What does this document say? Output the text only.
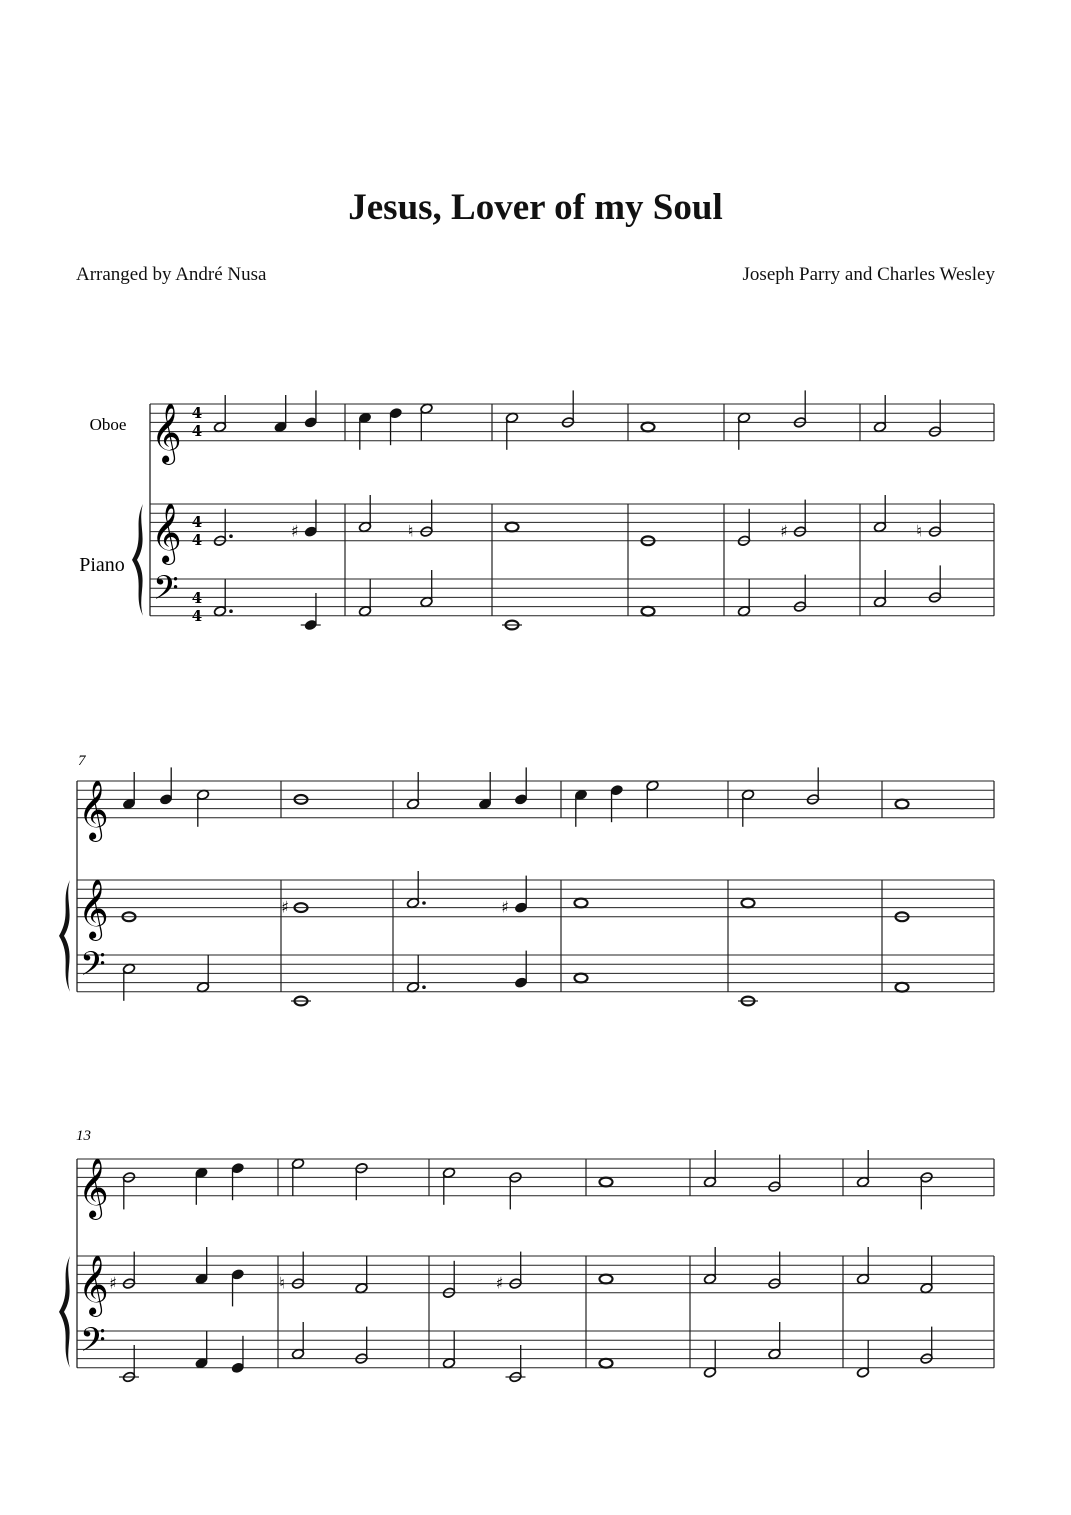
Jesus, Lover of my Soul
Arranged by André Nusa	Joseph Parry and Charles Wesley
Oboe
Piano
7
13
4
4
4
4
4
4
𝄞
𝄞
𝄢
♯	♮	♯	♮
𝄞
𝄞
𝄢
♯	♯
𝄞
𝄞
𝄢
♯	♮	♯
